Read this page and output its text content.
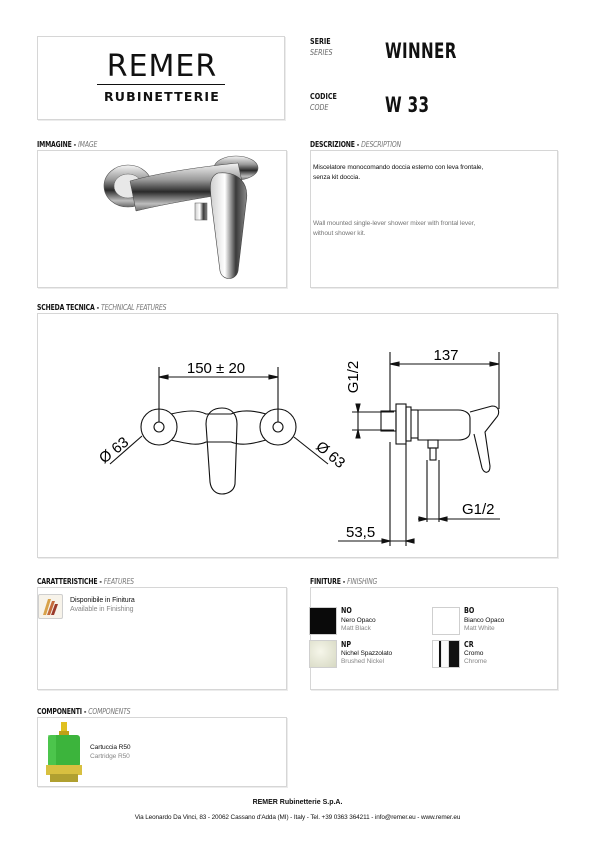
REMER
RUBINETTERIE
SERIE
SERIES WINNER
CODICE
CODE	W 33
IMMAGINE - IMAGE	DESCRIZIONE - DESCRIPTION
Miscelatore monocomando doccia esterno con leva frontale,
senza kit doccia.
Wall mounted single-lever shower mixer with frontal lever,
without shower kit.
SCHEDA TECNICA - TECHNICAL FEATURES
150 ± 20
Ø 63	Ø 63
G1/2
137
G1/2
53,5
CARATTERISTICHE - FEATURES
Disponibile in Finitura
Available in Finishing
FINITURE - FINISHING
NO
Nero Opaco
Matt Black
BO
Bianco Opaco
Matt White
NP
Nichel Spazzolato
Brushed Nickel
CR
Cromo
Chrome
COMPONENTI - COMPONENTS
Cartuccia R50
Cartridge R50
REMER Rubinetterie S.p.A.
Via Leonardo Da Vinci, 83 - 20062 Cassano d'Adda (MI) - Italy - Tel. +39 0363 364211 - info@remer.eu - www.remer.eu
